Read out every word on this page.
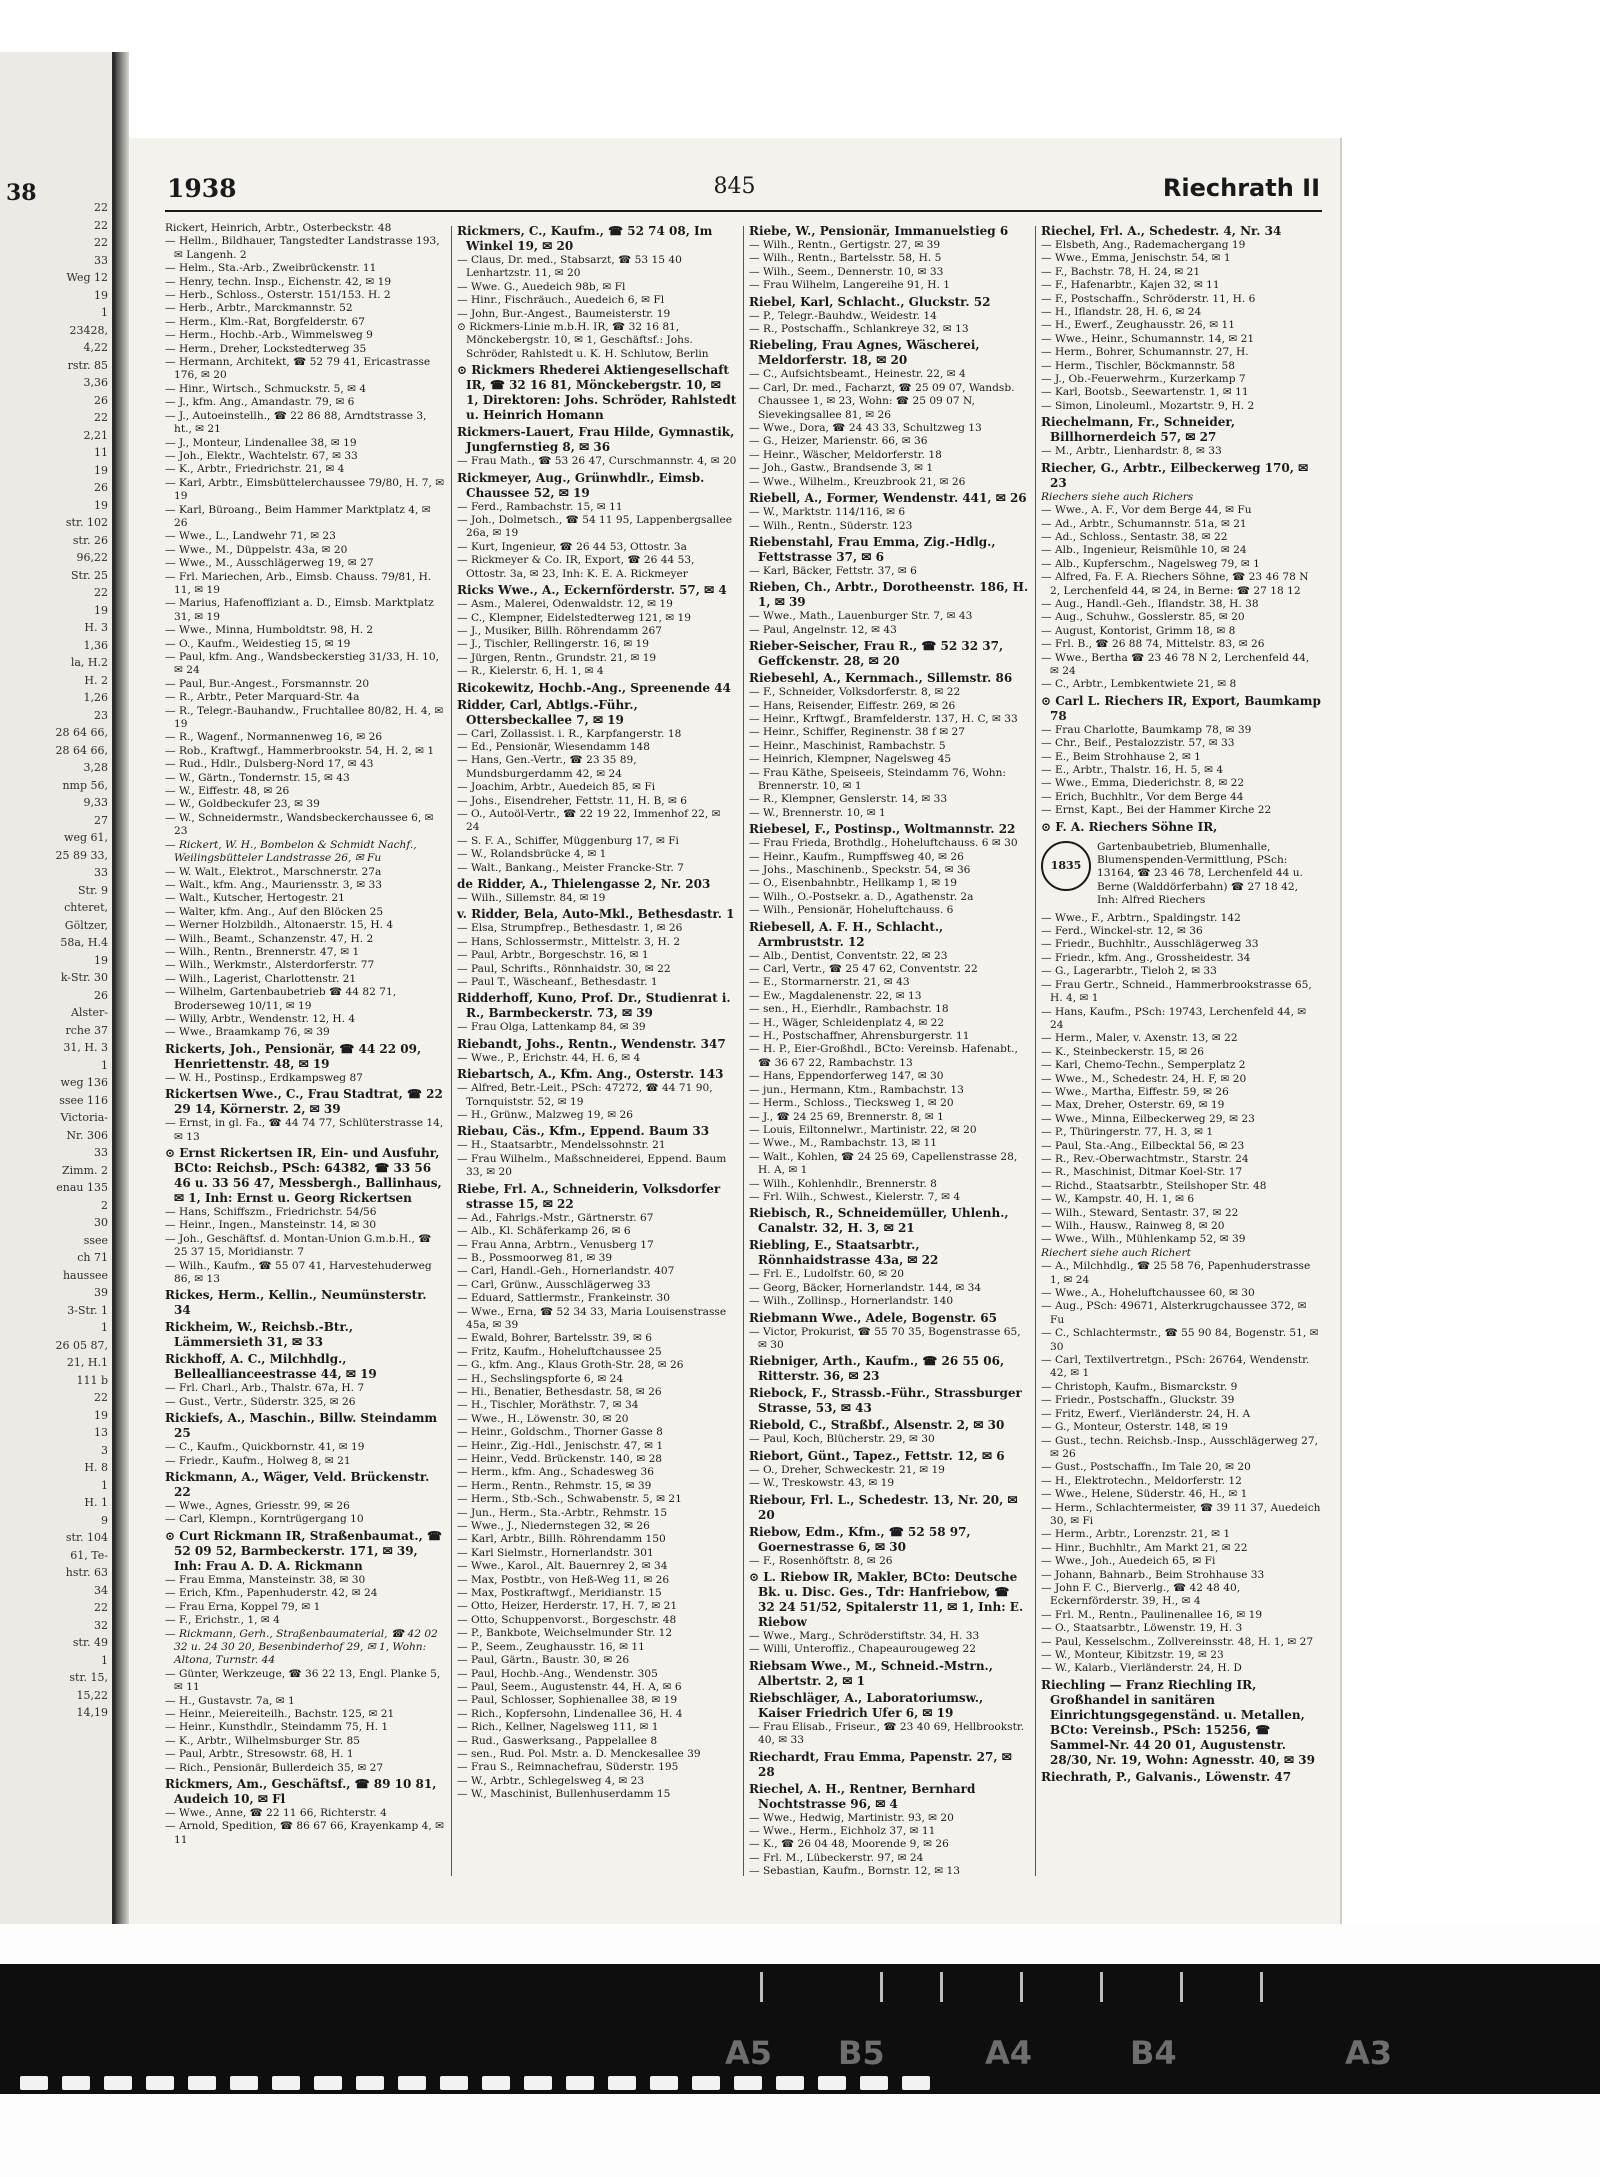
38
22
22
22
33
Weg 12
19
1
23428,
4,22
rstr. 85
3,36
26
22
2,21
11
19
26
19
str. 102
str. 26
96,22
Str. 25
22
19
H. 3
1,36
la, H.2
H. 2
1,26
23
28 64 66,
28 64 66,
3,28
nmp 56,
9,33
27
weg 61,
25 89 33,
33
Str. 9
chteret,
Göltzer,
58a, H.4
19
k-Str. 30
26
Alster-
rche 37
31, H. 3
1
weg 136
ssee 116
Victoria-
Nr. 306
33
Zimm. 2
enau 135
2
30
ssee
ch 71
haussee
39
3-Str. 1
1
26 05 87,
21, H.1
111 b
22
19
13
3
H. 8
1
H. 1
9
str. 104
61, Te-
hstr. 63
34
22
32
str. 49
1
str. 15,
15,22
14,19
1938	845	Riechrath II
Rickert, Heinrich, Arbtr., Osterbeckstr. 48
— Hellm., Bildhauer, Tangstedter Landstrasse 193, ✉ Langenh. 2
— Helm., Sta.-Arb., Zweibrückenstr. 11
— Henry, techn. Insp., Eichenstr. 42, ✉ 19
— Herb., Schloss., Osterstr. 151/153. H. 2
— Herb., Arbtr., Marckmannstr. 52
— Herm., Klm.-Rat, Borgfelderstr. 67
— Herm., Hochb.-Arb., Wimmelsweg 9
— Herm., Dreher, Lockstedterweg 35
— Hermann, Architekt, ☎ 52 79 41, Ericastrasse 176, ✉ 20
— Hinr., Wirtsch., Schmuckstr. 5, ✉ 4
— J., kfm. Ang., Amandastr. 79, ✉ 6
— J., Autoeinstellh., ☎ 22 86 88, Arndtstrasse 3, ht., ✉ 21
— J., Monteur, Lindenallee 38, ✉ 19
— Joh., Elektr., Wachtelstr. 67, ✉ 33
— K., Arbtr., Friedrichstr. 21, ✉ 4
— Karl, Arbtr., Eimsbüttelerchaussee 79/80, H. 7, ✉ 19
— Karl, Büroang., Beim Hammer Marktplatz 4, ✉ 26
— Wwe., L., Landwehr 71, ✉ 23
— Wwe., M., Düppelstr. 43a, ✉ 20
— Wwe., M., Ausschlägerweg 19, ✉ 27
— Frl. Mariechen, Arb., Eimsb. Chauss. 79/81, H. 11, ✉ 19
— Marius, Hafenoffiziant a. D., Eimsb. Marktplatz 31, ✉ 19
— Wwe., Minna, Humboldtstr. 98, H. 2
— O., Kaufm., Weidestieg 15, ✉ 19
— Paul, kfm. Ang., Wandsbeckerstieg 31/33, H. 10, ✉ 24
— Paul, Bur.-Angest., Forsmannstr. 20
— R., Arbtr., Peter Marquard-Str. 4a
— R., Telegr.-Bauhandw., Fruchtallee 80/82, H. 4, ✉ 19
— R., Wagenf., Normannenweg 16, ✉ 26
— Rob., Kraftwgf., Hammerbrookstr. 54, H. 2, ✉ 1
— Rud., Hdlr., Dulsberg-Nord 17, ✉ 43
— W., Gärtn., Tondernstr. 15, ✉ 43
— W., Eiffestr. 48, ✉ 26
— W., Goldbeckufer 23, ✉ 39
— W., Schneidermstr., Wandsbeckerchaussee 6, ✉ 23
— Rickert, W. H., Bombelon & Schmidt Nachf., Weilingsbütteler Landstrasse 26, ✉ Fu
— W. Walt., Elektrot., Marschnerstr. 27a
— Walt., kfm. Ang., Mauriensstr. 3, ✉ 33
— Walt., Kutscher, Hertogestr. 21
— Walter, kfm. Ang., Auf den Blöcken 25
— Werner Holzbildh., Altonaerstr. 15, H. 4
— Wilh., Beamt., Schanzenstr. 47, H. 2
— Wilh., Rentn., Brennerstr. 47, ✉ 1
— Wilh., Werkmstr., Alsterdorferstr. 77
— Wilh., Lagerist, Charlottenstr. 21
— Wilhelm, Gartenbaubetrieb ☎ 44 82 71, Broderseweg 10/11, ✉ 19
— Willy, Arbtr., Wendenstr. 12, H. 4
— Wwe., Braamkamp 76, ✉ 39
Rickerts, Joh., Pensionär, ☎ 44 22 09, Henriettenstr. 48, ✉ 19
— W. H., Postinsp., Erdkampsweg 87
Rickertsen Wwe., C., Frau Stadtrat, ☎ 22 29 14, Körnerstr. 2, ✉ 39
— Ernst, in gl. Fa., ☎ 44 74 77, Schlüterstrasse 14, ✉ 13
⊙ Ernst Rickertsen IR, Ein- und Ausfuhr, BCto: Reichsb., PSch: 64382, ☎ 33 56 46 u. 33 56 47, Messbergh., Ballinhaus, ✉ 1, Inh: Ernst u. Georg Rickertsen
— Hans, Schiffszm., Friedrichstr. 54/56
— Heinr., Ingen., Mansteinstr. 14, ✉ 30
— Joh., Geschäftsf. d. Montan-Union G.m.b.H., ☎ 25 37 15, Moridianstr. 7
— Wilh., Kaufm., ☎ 55 07 41, Harvestehuderweg 86, ✉ 13
Rickes, Herm., Kellin., Neumünsterstr. 34
Rickheim, W., Reichsb.-Btr., Lämmersieth 31, ✉ 33
Rickhoff, A. C., Milchhdlg., Belleallianceestrasse 44, ✉ 19
— Frl. Charl., Arb., Thalstr. 67a, H. 7
— Gust., Vertr., Süderstr. 325, ✉ 26
Rickiefs, A., Maschin., Billw. Steindamm 25
— C., Kaufm., Quickbornstr. 41, ✉ 19
— Friedr., Kaufm., Holweg 8, ✉ 21
Rickmann, A., Wäger, Veld. Brückenstr. 22
— Wwe., Agnes, Griesstr. 99, ✉ 26
— Carl, Klempn., Korntrügergang 10
⊙ Curt Rickmann IR, Straßenbaumat., ☎ 52 09 52, Barmbeckerstr. 171, ✉ 39, Inh: Frau A. D. A. Rickmann
— Frau Emma, Mansteinstr. 38, ✉ 30
— Erich, Kfm., Papenhuderstr. 42, ✉ 24
— Frau Erna, Koppel 79, ✉ 1
— F., Erichstr., 1, ✉ 4
— Rickmann, Gerh., Straßenbaumaterial, ☎ 42 02 32 u. 24 30 20, Besenbinderhof 29, ✉ 1, Wohn: Altona, Turnstr. 44
— Günter, Werkzeuge, ☎ 36 22 13, Engl. Planke 5, ✉ 11
— H., Gustavstr. 7a, ✉ 1
— Heinr., Meiereiteilh., Bachstr. 125, ✉ 21
— Heinr., Kunsthdlr., Steindamm 75, H. 1
— K., Arbtr., Wilhelmsburger Str. 85
— Paul, Arbtr., Stresowstr. 68, H. 1
— Rich., Pensionär, Bullerdeich 35, ✉ 27
Rickmers, Am., Geschäftsf., ☎ 89 10 81, Audeich 10, ✉ Fl
— Wwe., Anne, ☎ 22 11 66, Richterstr. 4
— Arnold, Spedition, ☎ 86 67 66, Krayenkamp 4, ✉ 11
Rickmers, C., Kaufm., ☎ 52 74 08, Im Winkel 19, ✉ 20
— Claus, Dr. med., Stabsarzt, ☎ 53 15 40 Lenhartzstr. 11, ✉ 20
— Wwe. G., Auedeich 98b, ✉ Fl
— Hinr., Fischräuch., Auedeich 6, ✉ Fl
— John, Bur.-Angest., Baumeisterstr. 19
⊙ Rickmers-Linie m.b.H. IR, ☎ 32 16 81, Mönckebergstr. 10, ✉ 1, Geschäftsf.: Johs. Schröder, Rahlstedt u. K. H. Schlutow, Berlin
⊙ Rickmers Rhederei Aktiengesellschaft IR, ☎ 32 16 81, Mönckebergstr. 10, ✉ 1, Direktoren: Johs. Schröder, Rahlstedt u. Heinrich Homann
Rickmers-Lauert, Frau Hilde, Gymnastik, Jungfernstieg 8, ✉ 36
— Frau Math., ☎ 53 26 47, Curschmannstr. 4, ✉ 20
Rickmeyer, Aug., Grünwhdlr., Eimsb. Chaussee 52, ✉ 19
— Ferd., Rambachstr. 15, ✉ 11
— Joh., Dolmetsch., ☎ 54 11 95, Lappenbergsallee 26a, ✉ 19
— Kurt, Ingenieur, ☎ 26 44 53, Ottostr. 3a
— Rickmeyer & Co. IR, Export, ☎ 26 44 53, Ottostr. 3a, ✉ 23, Inh: K. E. A. Rickmeyer
Ricks Wwe., A., Eckernförderstr. 57, ✉ 4
— Asm., Malerei, Odenwaldstr. 12, ✉ 19
— C., Klempner, Eidelstedterweg 121, ✉ 19
— J., Musiker, Billh. Röhrendamm 267
— J., Tischler, Rellingerstr. 16, ✉ 19
— Jürgen, Rentn., Grundstr. 21, ✉ 19
— R., Kielerstr. 6, H. 1, ✉ 4
Ricokewitz, Hochb.-Ang., Spreenende 44
Ridder, Carl, Abtlgs.-Führ., Ottersbeckallee 7, ✉ 19
— Carl, Zollassist. i. R., Karpfangerstr. 18
— Ed., Pensionär, Wiesendamm 148
— Hans, Gen.-Vertr., ☎ 23 35 89, Mundsburgerdamm 42, ✉ 24
— Joachim, Arbtr., Auedeich 85, ✉ Fi
— Johs., Eisendreher, Fettstr. 11, H. B, ✉ 6
— O., Autoöl-Vertr., ☎ 22 19 22, Immenhof 22, ✉ 24
— S. F. A., Schiffer, Müggenburg 17, ✉ Fi
— W., Rolandsbrücke 4, ✉ 1
— Walt., Bankang., Meister Francke-Str. 7
de Ridder, A., Thielengasse 2, Nr. 203
— Wilh., Sillemstr. 84, ✉ 19
v. Ridder, Bela, Auto-Mkl., Bethesdastr. 1
— Elsa, Strumpfrep., Bethesdastr. 1, ✉ 26
— Hans, Schlossermstr., Mittelstr. 3, H. 2
— Paul, Arbtr., Borgeschstr. 16, ✉ 1
— Paul, Schrifts., Rönnhaidstr. 30, ✉ 22
— Paul T., Wäscheanf., Bethesdastr. 1
Ridderhoff, Kuno, Prof. Dr., Studienrat i. R., Barmbeckerstr. 73, ✉ 39
— Frau Olga, Lattenkamp 84, ✉ 39
Riebandt, Johs., Rentn., Wendenstr. 347
— Wwe., P., Erichstr. 44, H. 6, ✉ 4
Riebartsch, A., Kfm. Ang., Osterstr. 143
— Alfred, Betr.-Leit., PSch: 47272, ☎ 44 71 90, Tornquiststr. 52, ✉ 19
— H., Grünw., Malzweg 19, ✉ 26
Riebau, Cäs., Kfm., Eppend. Baum 33
— H., Staatsarbtr., Mendelssohnstr. 21
— Frau Wilhelm., Maßschneiderei, Eppend. Baum 33, ✉ 20
Riebe, Frl. A., Schneiderin, Volksdorfer strasse 15, ✉ 22
— Ad., Fahrlgs.-Mstr., Gärtnerstr. 67
— Alb., Kl. Schäferkamp 26, ✉ 6
— Frau Anna, Arbtrn., Venusberg 17
— B., Possmoorweg 81, ✉ 39
— Carl, Handl.-Geh., Hornerlandstr. 407
— Carl, Grünw., Ausschlägerweg 33
— Eduard, Sattlermstr., Frankeinstr. 30
— Wwe., Erna, ☎ 52 34 33, Maria Louisenstrasse 45a, ✉ 39
— Ewald, Bohrer, Bartelsstr. 39, ✉ 6
— Fritz, Kaufm., Hoheluftchaussee 25
— G., kfm. Ang., Klaus Groth-Str. 28, ✉ 26
— H., Sechslingspforte 6, ✉ 24
— Hi., Benatier, Bethesdastr. 58, ✉ 26
— H., Tischler, Moräthstr. 7, ✉ 34
— Wwe., H., Löwenstr. 30, ✉ 20
— Heinr., Goldschm., Thorner Gasse 8
— Heinr., Zig.-Hdl., Jenischstr. 47, ✉ 1
— Heinr., Vedd. Brückenstr. 140, ✉ 28
— Herm., kfm. Ang., Schadesweg 36
— Herm., Rentn., Rehmstr. 15, ✉ 39
— Herm., Stb.-Sch., Schwabenstr. 5, ✉ 21
— Jun., Herm., Sta.-Arbtr., Rehmstr. 15
— Wwe., J., Niedernstegen 32, ✉ 26
— Karl, Arbtr., Billh. Röhrendamm 150
— Karl Sielmstr., Hornerlandstr. 301
— Wwe., Karol., Alt. Bauernrey 2, ✉ 34
— Max, Postbtr., von Heß-Weg 11, ✉ 26
— Max, Postkraftwgf., Meridianstr. 15
— Otto, Heizer, Herderstr. 17, H. 7, ✉ 21
— Otto, Schuppenvorst., Borgeschstr. 48
— P., Bankbote, Weichselmunder Str. 12
— P., Seem., Zeughausstr. 16, ✉ 11
— Paul, Gärtn., Baustr. 30, ✉ 26
— Paul, Hochb.-Ang., Wendenstr. 305
— Paul, Seem., Augustenstr. 44, H. A, ✉ 6
— Paul, Schlosser, Sophienallee 38, ✉ 19
— Rich., Kopfersohn, Lindenallee 36, H. 4
— Rich., Kellner, Nagelsweg 111, ✉ 1
— Rud., Gaswerksang., Pappelallee 8
— sen., Rud. Pol. Mstr. a. D. Menckesallee 39
— Frau S., Reimnachefrau, Süderstr. 195
— W., Arbtr., Schlegelsweg 4, ✉ 23
— W., Maschinist, Bullenhuserdamm 15
Riebe, W., Pensionär, Immanuelstieg 6
— Wilh., Rentn., Gertigstr. 27, ✉ 39
— Wilh., Rentn., Bartelsstr. 58, H. 5
— Wilh., Seem., Dennerstr. 10, ✉ 33
— Frau Wilhelm, Langereihe 91, H. 1
Riebel, Karl, Schlacht., Gluckstr. 52
— P., Telegr.-Bauhdw., Weidestr. 14
— R., Postschaffn., Schlankreye 32, ✉ 13
Riebeling, Frau Agnes, Wäscherei, Meldorferstr. 18, ✉ 20
— C., Aufsichtsbeamt., Heinestr. 22, ✉ 4
— Carl, Dr. med., Facharzt, ☎ 25 09 07, Wandsb. Chaussee 1, ✉ 23, Wohn: ☎ 25 09 07 N, Sievekingsallee 81, ✉ 26
— Wwe., Dora, ☎ 24 43 33, Schultzweg 13
— G., Heizer, Marienstr. 66, ✉ 36
— Heinr., Wäscher, Meldorferstr. 18
— Joh., Gastw., Brandsende 3, ✉ 1
— Wwe., Wilhelm., Kreuzbrook 21, ✉ 26
Riebell, A., Former, Wendenstr. 441, ✉ 26
— W., Marktstr. 114/116, ✉ 6
— Wilh., Rentn., Süderstr. 123
Riebenstahl, Frau Emma, Zig.-Hdlg., Fettstrasse 37, ✉ 6
— Karl, Bäcker, Fettstr. 37, ✉ 6
Rieben, Ch., Arbtr., Dorotheenstr. 186, H. 1, ✉ 39
— Wwe., Math., Lauenburger Str. 7, ✉ 43
— Paul, Angelnstr. 12, ✉ 43
Rieber-Seischer, Frau R., ☎ 52 32 37, Geffckenstr. 28, ✉ 20
Riebesehl, A., Kernmach., Sillemstr. 86
— F., Schneider, Volksdorferstr. 8, ✉ 22
— Hans, Reisender, Eiffestr. 269, ✉ 26
— Heinr., Krftwgf., Bramfelderstr. 137, H. C, ✉ 33
— Heinr., Schiffer, Reginenstr. 38 f ✉ 27
— Heinr., Maschinist, Rambachstr. 5
— Heinrich, Klempner, Nagelsweg 45
— Frau Käthe, Speiseeis, Steindamm 76, Wohn: Brennerstr. 10, ✉ 1
— R., Klempner, Genslerstr. 14, ✉ 33
— W., Brennerstr. 10, ✉ 1
Riebesel, F., Postinsp., Woltmannstr. 22
— Frau Frieda, Brothdlg., Hoheluftchauss. 6 ✉ 30
— Heinr., Kaufm., Rumpffsweg 40, ✉ 26
— Johs., Maschinenb., Speckstr. 54, ✉ 36
— O., Eisenbahnbtr., Hellkamp 1, ✉ 19
— Wilh., O.-Postsekr. a. D., Agathenstr. 2a
— Wilh., Pensionär, Hoheluftchauss. 6
Riebesell, A. F. H., Schlacht., Armbruststr. 12
— Alb., Dentist, Conventstr. 22, ✉ 23
— Carl, Vertr., ☎ 25 47 62, Conventstr. 22
— E., Stormarnerstr. 21, ✉ 43
— Ew., Magdalenenstr. 22, ✉ 13
— sen., H., Eierhdlr., Rambachstr. 18
— H., Wäger, Schleidenplatz 4, ✉ 22
— H., Postschaffner, Ahrensburgerstr. 11
— H. P., Eier-Großhdl., BCto: Vereinsb. Hafenabt., ☎ 36 67 22, Rambachstr. 13
— Hans, Eppendorferweg 147, ✉ 30
— jun., Hermann, Ktm., Rambachstr. 13
— Herm., Schloss., Tiecksweg 1, ✉ 20
— J., ☎ 24 25 69, Brennerstr. 8, ✉ 1
— Louis, Eiltonnelwr., Martinistr. 22, ✉ 20
— Wwe., M., Rambachstr. 13, ✉ 11
— Walt., Kohlen, ☎ 24 25 69, Capellenstrasse 28, H. A, ✉ 1
— Wilh., Kohlenhdlr., Brennerstr. 8
— Frl. Wilh., Schwest., Kielerstr. 7, ✉ 4
Riebisch, R., Schneidemüller, Uhlenh., Canalstr. 32, H. 3, ✉ 21
Riebling, E., Staatsarbtr., Rönnhaidstrasse 43a, ✉ 22
— Frl. E., Ludolfstr. 60, ✉ 20
— Georg, Bäcker, Hornerlandstr. 144, ✉ 34
— Wilh., Zollinsp., Hornerlandstr. 140
Riebmann Wwe., Adele, Bogenstr. 65
— Victor, Prokurist, ☎ 55 70 35, Bogenstrasse 65, ✉ 30
Riebniger, Arth., Kaufm., ☎ 26 55 06, Ritterstr. 36, ✉ 23
Riebock, F., Strassb.-Führ., Strassburger Strasse, 53, ✉ 43
Riebold, C., Straßbf., Alsenstr. 2, ✉ 30
— Paul, Koch, Blücherstr. 29, ✉ 30
Riebort, Günt., Tapez., Fettstr. 12, ✉ 6
— O., Dreher, Schweckestr. 21, ✉ 19
— W., Treskowstr. 43, ✉ 19
Riebour, Frl. L., Schedestr. 13, Nr. 20, ✉ 20
Riebow, Edm., Kfm., ☎ 52 58 97, Goernestrasse 6, ✉ 30
— F., Rosenhöftstr. 8, ✉ 26
⊙ L. Riebow IR, Makler, BCto: Deutsche Bk. u. Disc. Ges., Tdr: Hanfriebow, ☎ 32 24 51/52, Spitalerstr 11, ✉ 1, Inh: E. Riebow
— Wwe., Marg., Schröderstiftstr. 34, H. 33
— Willi, Unteroffiz., Chapeaurougeweg 22
Riebsam Wwe., M., Schneid.-Mstrn., Albertstr. 2, ✉ 1
Riebschläger, A., Laboratoriumsw., Kaiser Friedrich Ufer 6, ✉ 19
— Frau Elisab., Friseur., ☎ 23 40 69, Hellbrookstr. 40, ✉ 33
Riechardt, Frau Emma, Papenstr. 27, ✉ 28
Riechel, A. H., Rentner, Bernhard Nochtstrasse 96, ✉ 4
— Wwe., Hedwig, Martinistr. 93, ✉ 20
— Wwe., Herm., Eichholz 37, ✉ 11
— K., ☎ 26 04 48, Moorende 9, ✉ 26
— Frl. M., Lübeckerstr. 97, ✉ 24
— Sebastian, Kaufm., Bornstr. 12, ✉ 13
Riechel, Frl. A., Schedestr. 4, Nr. 34
— Elsbeth, Ang., Rademachergang 19
— Wwe., Emma, Jenischstr. 54, ✉ 1
— F., Bachstr. 78, H. 24, ✉ 21
— F., Hafenarbtr., Kajen 32, ✉ 11
— F., Postschaffn., Schröderstr. 11, H. 6
— H., Iflandstr. 28, H. 6, ✉ 24
— H., Ewerf., Zeughausstr. 26, ✉ 11
— Wwe., Heinr., Schumannstr. 14, ✉ 21
— Herm., Bohrer, Schumannstr. 27, H.
— Herm., Tischler, Böckmannstr. 58
— J., Ob.-Feuerwehrm., Kurzerkamp 7
— Karl, Bootsb., Seewartenstr. 1, ✉ 11
— Simon, Linoleuml., Mozartstr. 9, H. 2
Riechelmann, Fr., Schneider, Billhornerdeich 57, ✉ 27
— M., Arbtr., Lienhardstr. 8, ✉ 33
Riecher, G., Arbtr., Eilbeckerweg 170, ✉ 23
Riechers siehe auch Richers
— Wwe., A. F., Vor dem Berge 44, ✉ Fu
— Ad., Arbtr., Schumannstr. 51a, ✉ 21
— Ad., Schloss., Sentastr. 38, ✉ 22
— Alb., Ingenieur, Reismühle 10, ✉ 24
— Alb., Kupferschm., Nagelsweg 79, ✉ 1
— Alfred, Fa. F. A. Riechers Söhne, ☎ 23 46 78 N 2, Lerchenfeld 44, ✉ 24, in Berne: ☎ 27 18 12
— Aug., Handl.-Geh., Iflandstr. 38, H. 38
— Aug., Schuhw., Gosslerstr. 85, ✉ 20
— August, Kontorist, Grimm 18, ✉ 8
— Frl. B., ☎ 26 88 74, Mittelstr. 83, ✉ 26
— Wwe., Bertha ☎ 23 46 78 N 2, Lerchenfeld 44, ✉ 24
— C., Arbtr., Lembkentwiete 21, ✉ 8
⊙ Carl L. Riechers IR, Export, Baumkamp 78
— Frau Charlotte, Baumkamp 78, ✉ 39
— Chr., Beif., Pestalozzistr. 57, ✉ 33
— E., Beim Strohhause 2, ✉ 1
— E., Arbtr., Thalstr. 16, H. 5, ✉ 4
— Wwe., Emma, Diederichstr. 8, ✉ 22
— Erich, Buchhltr., Vor dem Berge 44
— Ernst, Kapt., Bei der Hammer Kirche 22
⊙ F. A. Riechers Söhne IR,
1835
Gartenbaubetrieb, Blumenhalle, Blumenspenden-Vermittlung, PSch: 13164, ☎ 23 46 78, Lerchenfeld 44 u. Berne (Walddörferbahn) ☎ 27 18 42, Inh: Alfred Riechers
— Wwe., F., Arbtrn., Spaldingstr. 142
— Ferd., Winckel-str. 12, ✉ 36
— Friedr., Buchhltr., Ausschlägerweg 33
— Friedr., kfm. Ang., Grossheidestr. 34
— G., Lagerarbtr., Tieloh 2, ✉ 33
— Frau Gertr., Schneid., Hammerbrookstrasse 65, H. 4, ✉ 1
— Hans, Kaufm., PSch: 19743, Lerchenfeld 44, ✉ 24
— Herm., Maler, v. Axenstr. 13, ✉ 22
— K., Steinbeckerstr. 15, ✉ 26
— Karl, Chemo-Techn., Semperplatz 2
— Wwe., M., Schedestr. 24, H. F, ✉ 20
— Wwe., Martha, Eiffestr. 59, ✉ 26
— Max, Dreher, Osterstr. 69, ✉ 19
— Wwe., Minna, Eilbeckerweg 29, ✉ 23
— P., Thüringerstr. 77, H. 3, ✉ 1
— Paul, Sta.-Ang., Eilbecktal 56, ✉ 23
— R., Rev.-Oberwachtmstr., Starstr. 24
— R., Maschinist, Ditmar Koel-Str. 17
— Richd., Staatsarbtr., Steilshoper Str. 48
— W., Kampstr. 40, H. 1, ✉ 6
— Wilh., Steward, Sentastr. 37, ✉ 22
— Wilh., Hausw., Rainweg 8, ✉ 20
— Wwe., Wilh., Mühlenkamp 52, ✉ 39
Riechert siehe auch Richert
— A., Milchhdlg., ☎ 25 58 76, Papenhuderstrasse 1, ✉ 24
— Wwe., A., Hoheluftchaussee 60, ✉ 30
— Aug., PSch: 49671, Alsterkrugchaussee 372, ✉ Fu
— C., Schlachtermstr., ☎ 55 90 84, Bogenstr. 51, ✉ 30
— Carl, Textilvertretgn., PSch: 26764, Wendenstr. 42, ✉ 1
— Christoph, Kaufm., Bismarckstr. 9
— Friedr., Postschaffn., Gluckstr. 39
— Fritz, Ewerf., Vierländerstr. 24, H. A
— G., Monteur, Osterstr. 148, ✉ 19
— Gust., techn. Reichsb.-Insp., Ausschlägerweg 27, ✉ 26
— Gust., Postschaffn., Im Tale 20, ✉ 20
— H., Elektrotechn., Meldorferstr. 12
— Wwe., Helene, Süderstr. 46, H., ✉ 1
— Herm., Schlachtermeister, ☎ 39 11 37, Auedeich 30, ✉ Fi
— Herm., Arbtr., Lorenzstr. 21, ✉ 1
— Hinr., Buchhltr., Am Markt 21, ✉ 22
— Wwe., Joh., Auedeich 65, ✉ Fi
— Johann, Bahnarb., Beim Strohhause 33
— John F. C., Bierverlg., ☎ 42 48 40, Eckernförderstr. 39, H., ✉ 4
— Frl. M., Rentn., Paulinenallee 16, ✉ 19
— O., Staatsarbtr., Löwenstr. 19, H. 3
— Paul, Kesselschm., Zollvereinsstr. 48, H. 1, ✉ 27
— W., Monteur, Kibitzstr. 19, ✉ 23
— W., Kalarb., Vierländerstr. 24, H. D
Riechling — Franz Riechling IR, Großhandel in sanitären Einrichtungsgegenständ. u. Metallen, BCto: Vereinsb., PSch: 15256, ☎ Sammel-Nr. 44 20 01, Augustenstr. 28/30, Nr. 19, Wohn: Agnesstr. 40, ✉ 39
Riechrath, P., Galvanis., Löwenstr. 47
A5 B5	A4	B4	A3
